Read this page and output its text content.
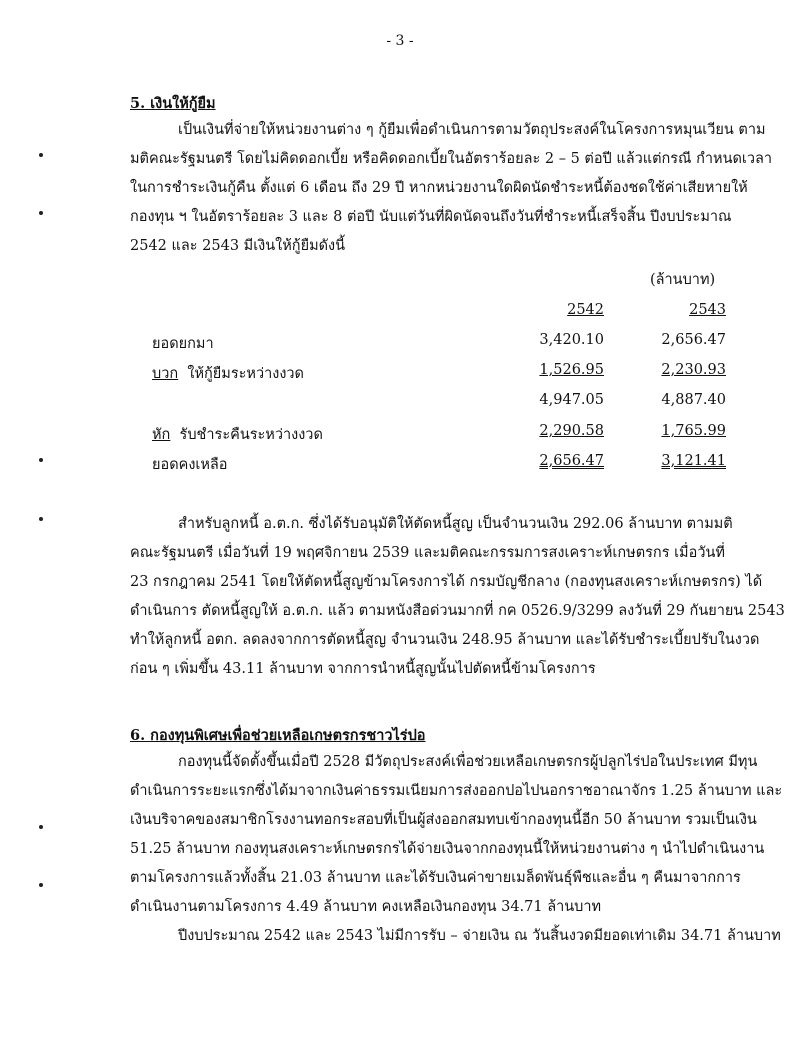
- 3 -
5. เงินให้กู้ยืม
เป็นเงินที่จ่ายให้หน่วยงานต่าง ๆ กู้ยืมเพื่อดำเนินการตามวัตถุประสงค์ในโครงการหมุนเวียน ตาม
มติคณะรัฐมนตรี โดยไม่คิดดอกเบี้ย หรือคิดดอกเบี้ยในอัตราร้อยละ 2 – 5 ต่อปี แล้วแต่กรณี กำหนดเวลา
ในการชำระเงินกู้คืน ตั้งแต่ 6 เดือน ถึง 29 ปี หากหน่วยงานใดผิดนัดชำระหนี้ต้องชดใช้ค่าเสียหายให้
กองทุน ฯ ในอัตราร้อยละ 3 และ 8 ต่อปี นับแต่วันที่ผิดนัดจนถึงวันที่ชำระหนี้เสร็จสิ้น ปีงบประมาณ
2542 และ 2543 มีเงินให้กู้ยืมดังนี้
(ล้านบาท)
2542	2543
ยอดยกมา	3,420.10	2,656.47
บวก  ให้กู้ยืมระหว่างงวด	1,526.95	2,230.93
4,947.05	4,887.40
หัก  รับชำระคืนระหว่างงวด	2,290.58	1,765.99
ยอดคงเหลือ	2,656.47	3,121.41
สำหรับลูกหนี้ อ.ต.ก. ซึ่งได้รับอนุมัติให้ตัดหนี้สูญ เป็นจำนวนเงิน 292.06 ล้านบาท ตามมติ
คณะรัฐมนตรี เมื่อวันที่ 19 พฤศจิกายน 2539 และมติคณะกรรมการสงเคราะห์เกษตรกร เมื่อวันที่
23 กรกฎาคม 2541 โดยให้ตัดหนี้สูญข้ามโครงการได้ กรมบัญชีกลาง (กองทุนสงเคราะห์เกษตรกร) ได้
ดำเนินการ ตัดหนี้สูญให้ อ.ต.ก. แล้ว ตามหนังสือด่วนมากที่ กค 0526.9/3299 ลงวันที่ 29 กันยายน 2543
ทำให้ลูกหนี้ อตก. ลดลงจากการตัดหนี้สูญ จำนวนเงิน 248.95 ล้านบาท และได้รับชำระเบี้ยปรับในงวด
ก่อน ๆ เพิ่มขึ้น 43.11 ล้านบาท จากการนำหนี้สูญนั้นไปตัดหนี้ข้ามโครงการ
6. กองทุนพิเศษเพื่อช่วยเหลือเกษตรกรชาวไร่ปอ
กองทุนนี้จัดตั้งขึ้นเมื่อปี 2528 มีวัตถุประสงค์เพื่อช่วยเหลือเกษตรกรผู้ปลูกไร่ปอในประเทศ มีทุน
ดำเนินการระยะแรกซึ่งได้มาจากเงินค่าธรรมเนียมการส่งออกปอไปนอกราชอาณาจักร 1.25 ล้านบาท และ
เงินบริจาคของสมาชิกโรงงานทอกระสอบที่เป็นผู้ส่งออกสมทบเข้ากองทุนนี้อีก 50 ล้านบาท รวมเป็นเงิน
51.25 ล้านบาท กองทุนสงเคราะห์เกษตรกรได้จ่ายเงินจากกองทุนนี้ให้หน่วยงานต่าง ๆ นำไปดำเนินงาน
ตามโครงการแล้วทั้งสิ้น 21.03 ล้านบาท และได้รับเงินค่าขายเมล็ดพันธุ์พืชและอื่น ๆ คืนมาจากการ
ดำเนินงานตามโครงการ 4.49 ล้านบาท คงเหลือเงินกองทุน 34.71 ล้านบาท
ปีงบประมาณ 2542 และ 2543 ไม่มีการรับ – จ่ายเงิน ณ วันสิ้นงวดมียอดเท่าเดิม 34.71 ล้านบาท
